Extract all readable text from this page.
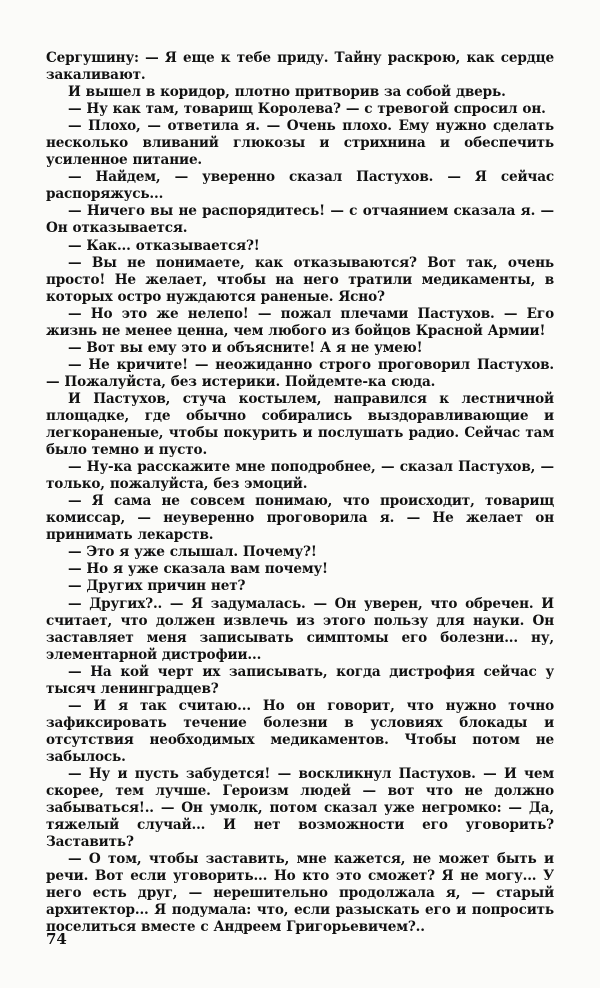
Сергушину: — Я еще к тебе приду. Тайну раскрою, как сердце закаливают.

И вышел в коридор, плотно притворив за собой дверь.

— Ну как там, товарищ Королева? — с тревогой спросил он.

— Плохо, — ответила я. — Очень плохо. Ему нужно сделать несколько вливаний глюкозы и стрихнина и обеспечить усиленное питание.

— Найдем, — уверенно сказал Пастухов. — Я сейчас распоряжусь...

— Ничего вы не распорядитесь! — с отчаянием сказала я. — Он отказывается.

— Как... отказывается?!

— Вы не понимаете, как отказываются? Вот так, очень просто! Не желает, чтобы на него тратили медикаменты, в которых остро нуждаются раненые. Ясно?

— Но это же нелепо! — пожал плечами Пастухов. — Его жизнь не менее ценна, чем любого из бойцов Красной Армии!

— Вот вы ему это и объясните! А я не умею!

— Не кричите! — неожиданно строго проговорил Пастухов. — Пожалуйста, без истерики. Пойдемте-ка сюда.

И Пастухов, стуча костылем, направился к лестничной площадке, где обычно собирались выздоравливающие и легкораненые, чтобы покурить и послушать радио. Сейчас там было темно и пусто.

— Ну-ка расскажите мне поподробнее, — сказал Пастухов, — только, пожалуйста, без эмоций.

— Я сама не совсем понимаю, что происходит, товарищ комиссар, — неуверенно проговорила я. — Не желает он принимать лекарств.

— Это я уже слышал. Почему?!

— Но я уже сказала вам почему!

— Других причин нет?

— Других?.. — Я задумалась. — Он уверен, что обречен. И считает, что должен извлечь из этого пользу для науки. Он заставляет меня записывать симптомы его болезни... ну, элементарной дистрофии...

— На кой черт их записывать, когда дистрофия сейчас у тысяч ленинградцев?

— И я так считаю... Но он говорит, что нужно точно зафиксировать течение болезни в условиях блокады и отсутствия необходимых медикаментов. Чтобы потом не забылось.

— Ну и пусть забудется! — воскликнул Пастухов. — И чем скорее, тем лучше. Героизм людей — вот что не должно забываться!.. — Он умолк, потом сказал уже негромко: — Да, тяжелый случай... И нет возможности его уговорить? Заставить?

— О том, чтобы заставить, мне кажется, не может быть и речи. Вот если уговорить... Но кто это сможет? Я не могу... У него есть друг, — нерешительно продолжала я, — старый архитектор... Я подумала: что, если разыскать его и попросить поселиться вместе с Андреем Григорьевичем?..

74
